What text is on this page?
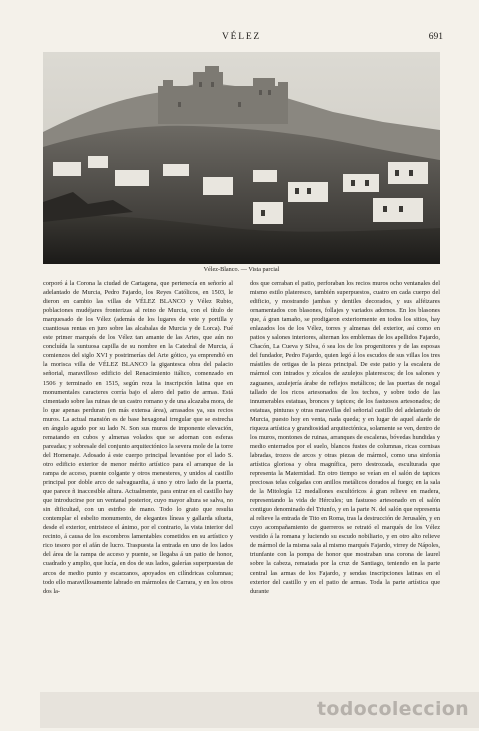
VÉLEZ	691
Vélez-Blanco. — Vista parcial

corporó á la Corona la ciudad de Cartagena, que pertenecía en señorío al adelantado de Murcia, Pedro Fajardo, los Reyes Católicos, en 1503, le dieron en cambio las villas de VÉLEZ BLANCO y Vélez Rubio, poblaciones mudéjares fronterizas al reino de Murcia, con el título de marquesado de los Vélez (además de los lugares de vete y portilla y cuantiosas rentas en juro sobre las alcabalas de Murcia y de Lorca). Fué este primer marqués de los Vélez tan amante de las Artes, que aún no concluída la suntuosa capilla de su nombre en la Catedral de Murcia, á comienzos del siglo XVI y postrimerías del Arte gótico, ya emprendió en la morisca villa de VÉLEZ BLANCO la gigantesca obra del palacio señorial, maravilloso edificio del Renacimiento itálico, comenzado en 1506 y terminado en 1515, según reza la inscripción latina que en monumentales caracteres corría bajo el alero del patio de armas. Está cimentado sobre las ruinas de un castro romano y de una alcazaba mora, de lo que apenas perduran (en más extensa área), arrasados ya, sus recios muros. La actual mansión es de base hexagonal irregular que se estrecha en ángulo agudo por su lado N. Son sus muros de imponente elevación, rematando en cubos y almenas volados que se adornan con esferas pareadas; y sobresale del conjunto arquitectónico la severa mole de la torre del Homenaje. Adosado á este cuerpo principal levantóse por el lado S. otro edificio exterior de menor mérito artístico para el arranque de la rampa de acceso, puente colgante y otros menesteres, y unidos al castillo principal por doble arco de salvaguardia, á uno y otro lado de la puerta, que parece ñ inaccesible altura. Actualmente, para entrar en el castillo hay que introducirse por un ventanal posterior, cuyo mayor altura se salva, no sin dificultad, con un estribo de mano. Todo lo grato que resulta contemplar el esbelto monumento, de elegantes líneas y gallarda silueta, desde el exterior, entristece el ánimo, por el contrario, la vista interior del recinto, á causa de los escombros lamentables cometidos en su artístico y rico tesoro por el afán de lucro. Traspuesta la entrada en uno de los lados del área de la rampa de acceso y puente, se llegaba á un patio de honor, cuadrado y amplio, que lucía, en dos de sus lados, galerías superpuestas de arcos de medio punto y escarzanos, apoyados en cilíndricas columnas; todo ello maravillosamente labrado en mármoles de Carrara, y en los otros dos la-

dos que cerraban el patio, perforaban los recios muros ocho ventanales del mismo estilo plateresco, también superpuestos, cuatro en cada cuerpo del edificio, y mostrando jambas y dentiles decorados, y sus alféizares ornamentados con blasones, follajes y variados adornos. En los blasones que, á gran tamaño, se prodigaron exteriormente en todos los sitios, hay enlazados los de los Vélez, torres y almenas del exterior, así como en patios y salones interiores, alternan los emblemas de los apellidos Fajardo, Chacón, La Cueva y Silva, ó sea los de los progenitores y de las esposas del fundador, Pedro Fajardo, quien legó á los escudos de sus villas los tres mástiles de ortigas de la pieza principal. De este patio y la escalera de mármol con intrados y zócalos de azulejos platerescos; de los salones y zaguanes, azulejería árabe de reflejos metálicos; de las puertas de nogal tallado de los ricos artesonados de los techos, y sobre todo de las innumerables estatuas, bronces y tapices; de los fastuosos artesonados; de estatuas, pinturas y otras maravillas del señorial castillo del adelantado de Murcia, puesto hoy en venta, nada queda; y en lugar de aquel alarde de riqueza artística y grandiosidad arquitectónica, solamente se ven, dentro de los muros, montones de ruinas, arranques de escaleras, bóvedas hundidas y medio enterrados por el suelo, blancos fustes de columnas, ricas cornisas labradas, trozos de arcos y otras piezas de mármol, como una sinfonía artística gloriosa y obra magnífica, pero destrozada, esculturada que representa la Maternidad. En otro tiempo se veían en el salón de tapices preciosas telas colgadas con anillos metálicos dorados al fuego; en la sala de la Mitología 12 medallones escultóricos á gran relieve en madera, representando la vida de Hércules; un fastuoso artesonado en el salón contiguo denominado del Triunfo, y en la parte N. del salón que representa al relieve la entrada de Tito en Roma, tras la destrucción de Jerusalén, y en cuyo acompañamiento de guerreros se retrató el marqués de los Vélez vestido á la romana y luciendo su escudo nobiliario, y en otro alto relieve de mármol de la misma sala al mismo marqués Fajardo, virrey de Nápoles, triunfante con la pompa de honor que mostraban una corona de laurel sobre la cabeza, rematada por la cruz de Santiago, teniendo en la parte central las armas de los Fajardo, y sendas inscripciones latinas en el exterior del castillo y en el patio de armas. Toda la parte artística que durante

todocoleccion
